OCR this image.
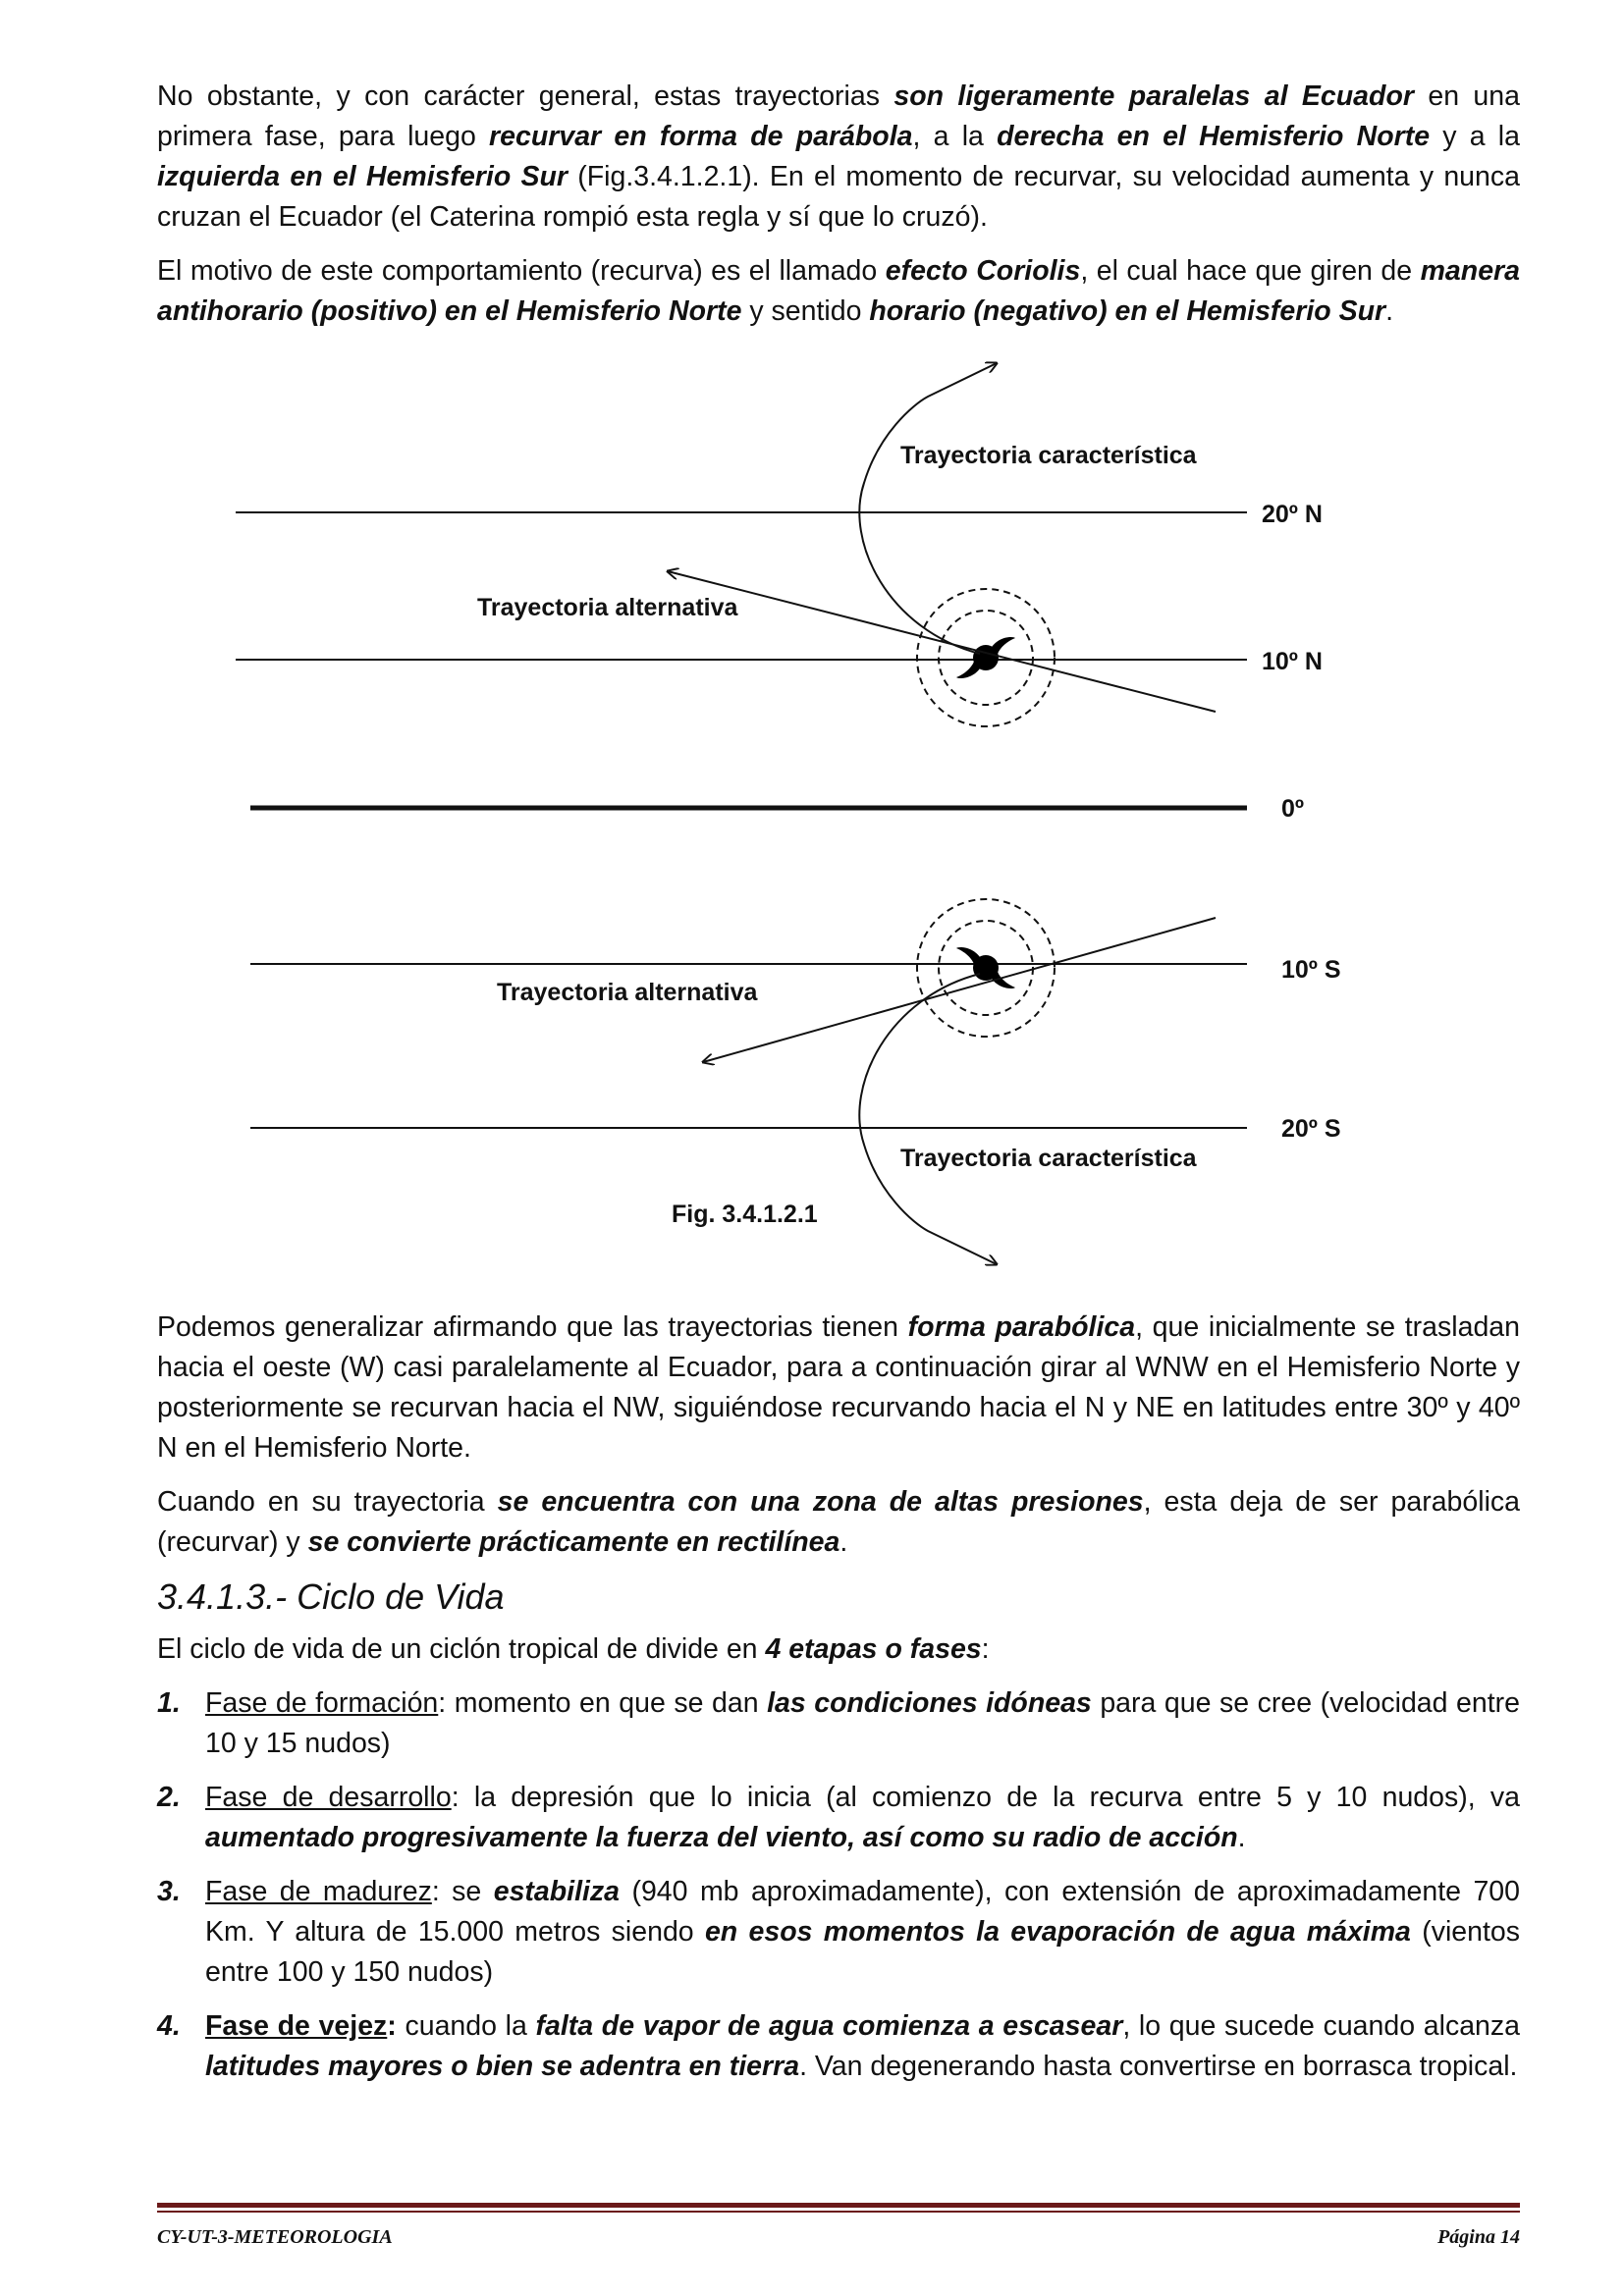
No obstante, y con carácter general, estas trayectorias son ligeramente paralelas al Ecuador en una primera fase, para luego recurvar en forma de parábola, a la derecha en el Hemisferio Norte y a la izquierda en el Hemisferio Sur (Fig.3.4.1.2.1). En el momento de recurvar, su velocidad aumenta y nunca cruzan el Ecuador (el Caterina rompió esta regla y sí que lo cruzó).

El motivo de este comportamiento (recurva) es el llamado efecto Coriolis, el cual hace que giren de manera antihorario (positivo) en el Hemisferio Norte y sentido horario (negativo) en el Hemisferio Sur.

Trayectoria característica
Trayectoria alternativa
Trayectoria alternativa
Trayectoria característica
20º N
10º N
0º
10º S
20º S
Fig. 3.4.1.2.1

Podemos generalizar afirmando que las trayectorias tienen forma parabólica, que inicialmente se trasladan hacia el oeste (W) casi paralelamente al Ecuador, para a continuación girar al WNW en el Hemisferio Norte y posteriormente se recurvan hacia el NW, siguiéndose recurvando hacia el N y NE en latitudes entre 30º y 40º N en el Hemisferio Norte.

Cuando en su trayectoria se encuentra con una zona de altas presiones, esta deja de ser parabólica (recurvar) y se convierte prácticamente en rectilínea.

3.4.1.3.- Ciclo de Vida

El ciclo de vida de un ciclón tropical de divide en 4 etapas o fases:

1. Fase de formación: momento en que se dan las condiciones idóneas para que se cree (velocidad entre 10 y 15 nudos)
2. Fase de desarrollo: la depresión que lo inicia (al comienzo de la recurva entre 5 y 10 nudos), va aumentado progresivamente la fuerza del viento, así como su radio de acción.
3. Fase de madurez: se estabiliza (940 mb aproximadamente), con extensión de aproximadamente 700 Km. Y altura de 15.000 metros siendo en esos momentos la evaporación de agua máxima (vientos entre 100 y 150 nudos)
4. Fase de vejez: cuando la falta de vapor de agua comienza a escasear, lo que sucede cuando alcanza latitudes mayores o bien se adentra en tierra. Van degenerando hasta convertirse en borrasca tropical.
CY-UT-3-METEOROLOGIA	Página 14
